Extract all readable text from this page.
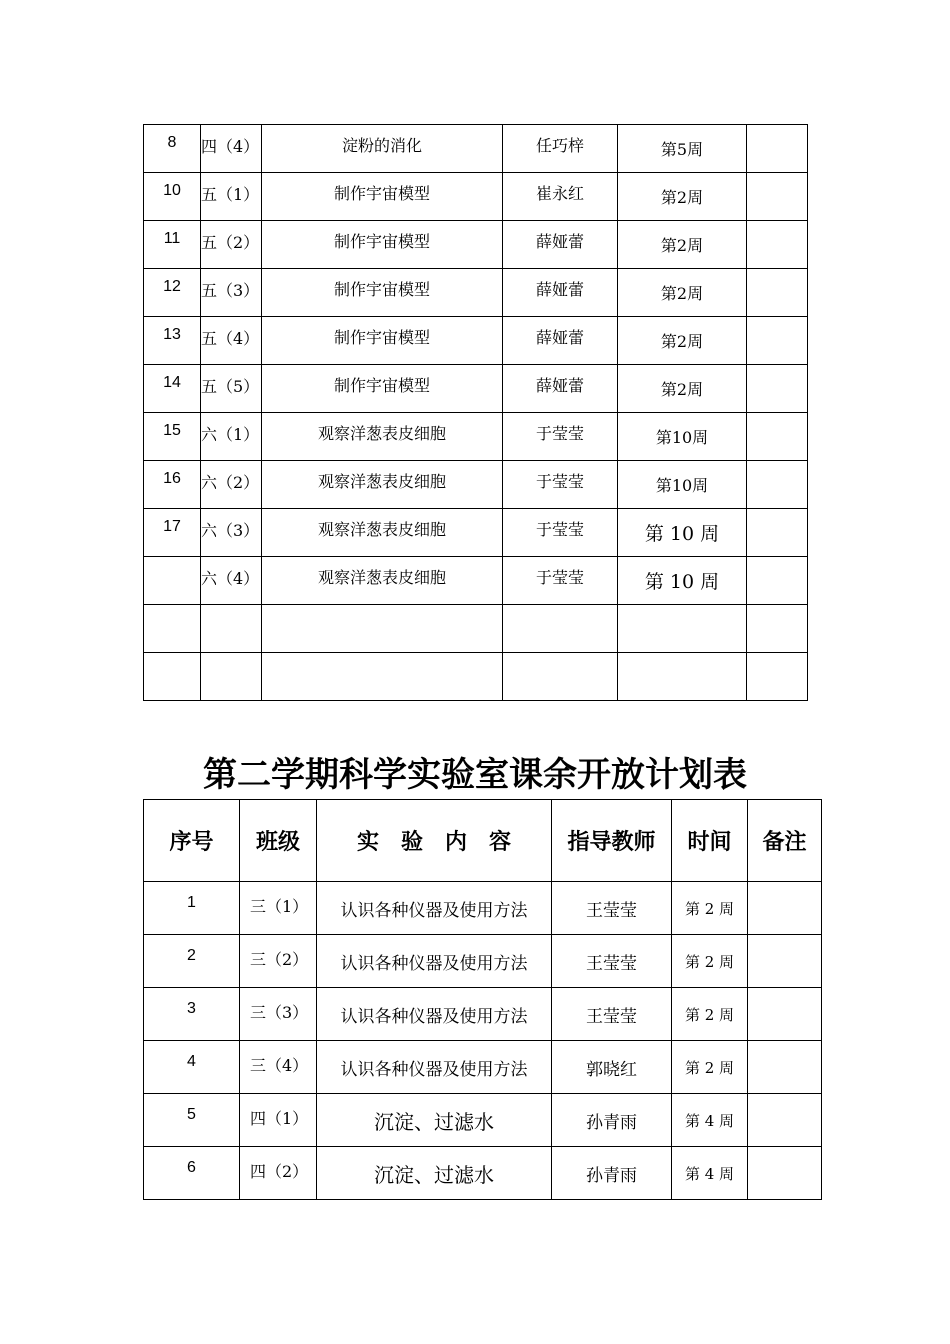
8	四（4）	淀粉的消化	任巧梓	第5周	
10	五（1）	制作宇宙模型	崔永红	第2周	
11	五（2）	制作宇宙模型	薛娅蕾	第2周	
12	五（3）	制作宇宙模型	薛娅蕾	第2周	
13	五（4）	制作宇宙模型	薛娅蕾	第2周	
14	五（5）	制作宇宙模型	薛娅蕾	第2周	
15	六（1）	观察洋葱表皮细胞	于莹莹	第10周	
16	六（2）	观察洋葱表皮细胞	于莹莹	第10周	
17	六（3）	观察洋葱表皮细胞	于莹莹	第 10 周	
	六（4）	观察洋葱表皮细胞	于莹莹	第 10 周	

第二学期科学实验室课余开放计划表
序号	班级	实　验　内　容	指导教师	时间	备注
1	三（1）	认识各种仪器及使用方法	王莹莹	第 2 周	
2	三（2）	认识各种仪器及使用方法	王莹莹	第 2 周	
3	三（3）	认识各种仪器及使用方法	王莹莹	第 2 周	
4	三（4）	认识各种仪器及使用方法	郭晓红	第 2 周	
5	四（1）	沉淀、过滤水	孙青雨	第 4 周	
6	四（2）	沉淀、过滤水	孙青雨	第 4 周	
